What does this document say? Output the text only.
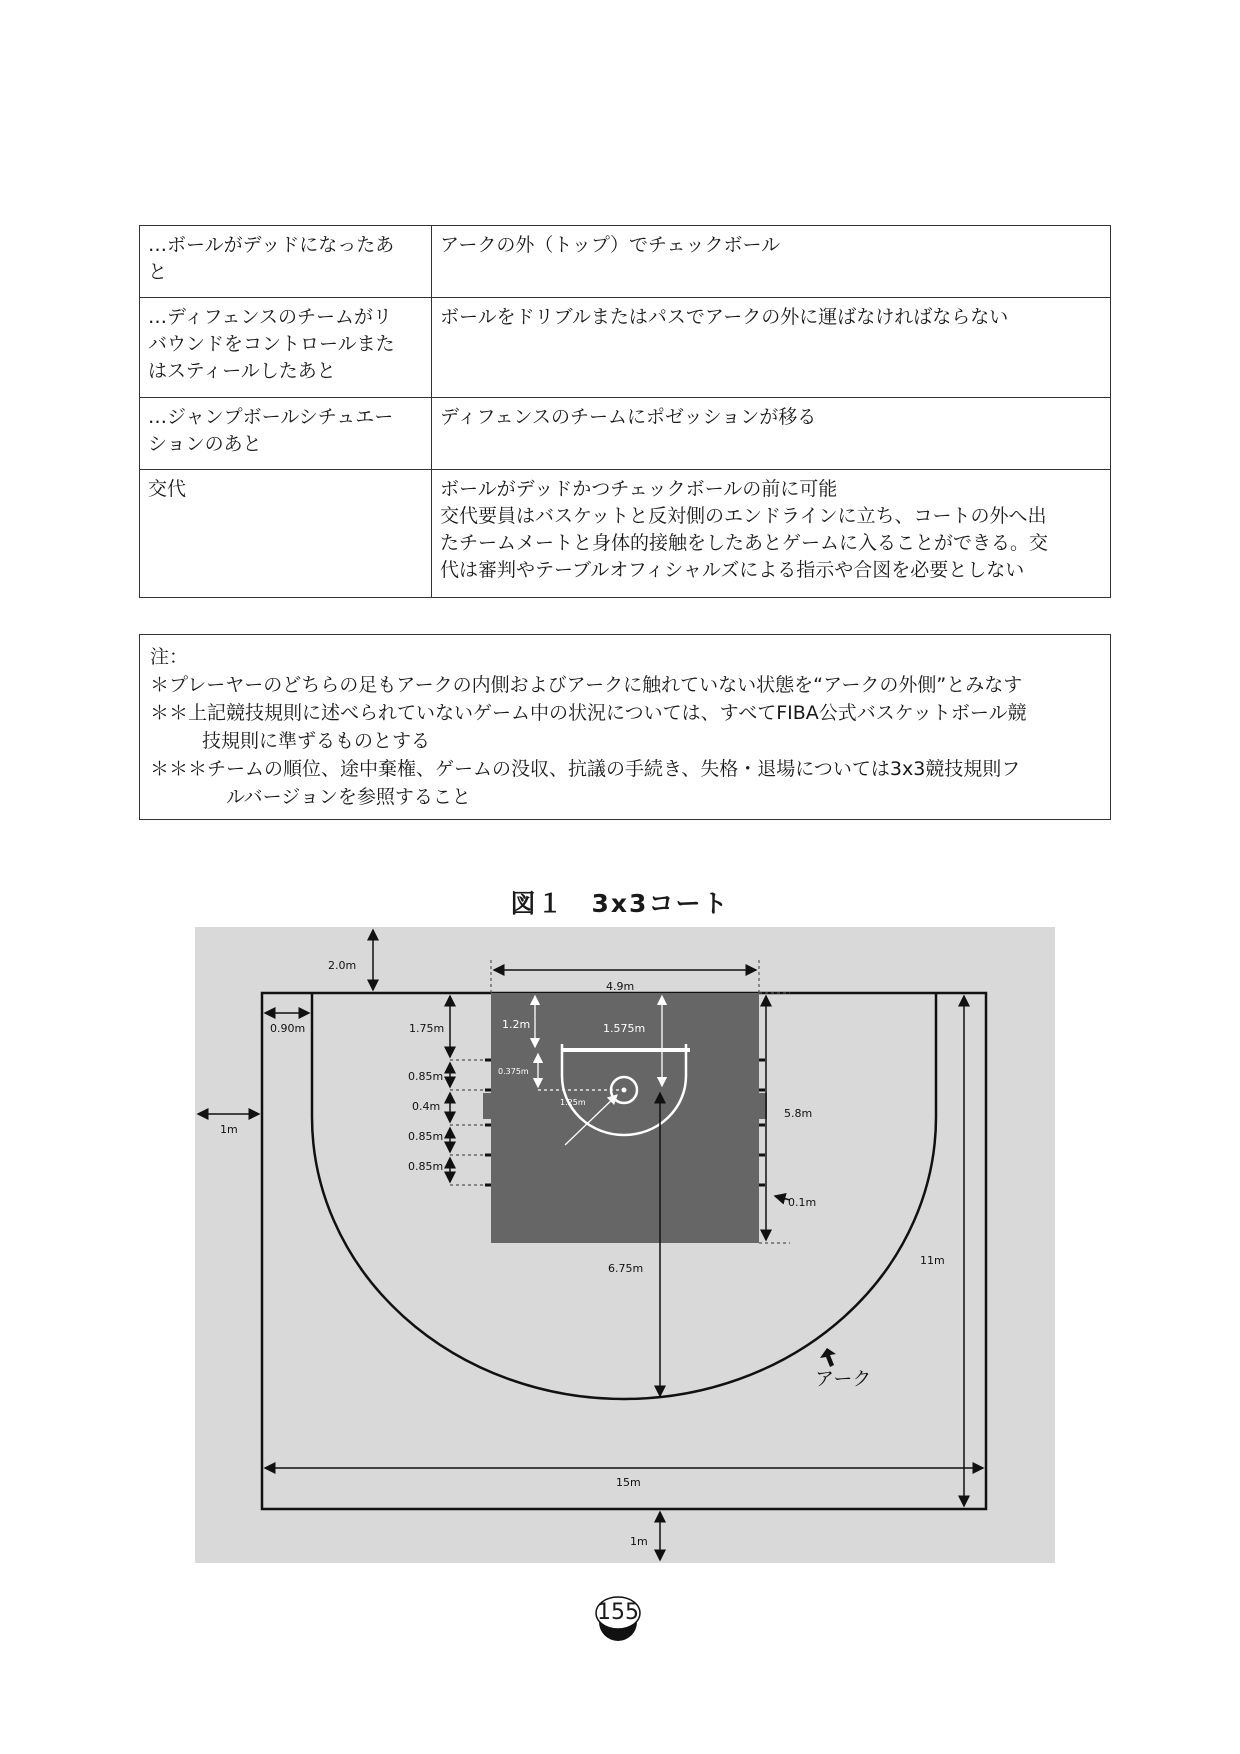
…ボールがデッドになったあ
と	アークの外（トップ）でチェックボール

…ディフェンスのチームがリ
バウンドをコントロールまた
はスティールしたあと	ボールをドリブルまたはパスでアークの外に運ばなければならない

…ジャンプボールシチュエー
ションのあと	ディフェンスのチームにポゼッションが移る

交代	ボールがデッドかつチェックボールの前に可能
交代要員はバスケットと反対側のエンドラインに立ち、コートの外へ出
たチームメートと身体的接触をしたあとゲームに入ることができる。交
代は審判やテーブルオフィシャルズによる指示や合図を必要としない
注：
＊プレーヤーのどちらの足もアークの内側およびアークに触れていない状態を“アークの外側”とみなす
＊＊上記競技規則に述べられていないゲーム中の状況については、すべてFIBA公式バスケットボール競
技規則に準ずるものとする
＊＊＊チームの順位、途中棄権、ゲームの没収、抗議の手続き、失格・退場については3x3競技規則フ
ルバージョンを参照すること
図１　3x3コート
2.0m
0.90m
1m
4.9m
1.75m
0.85m
0.4m
0.85m
0.85m
5.8m
0.1m
6.75m
11m
15m
1m
1.2m	1.575m
0.375m
1.25m
アーク
155
